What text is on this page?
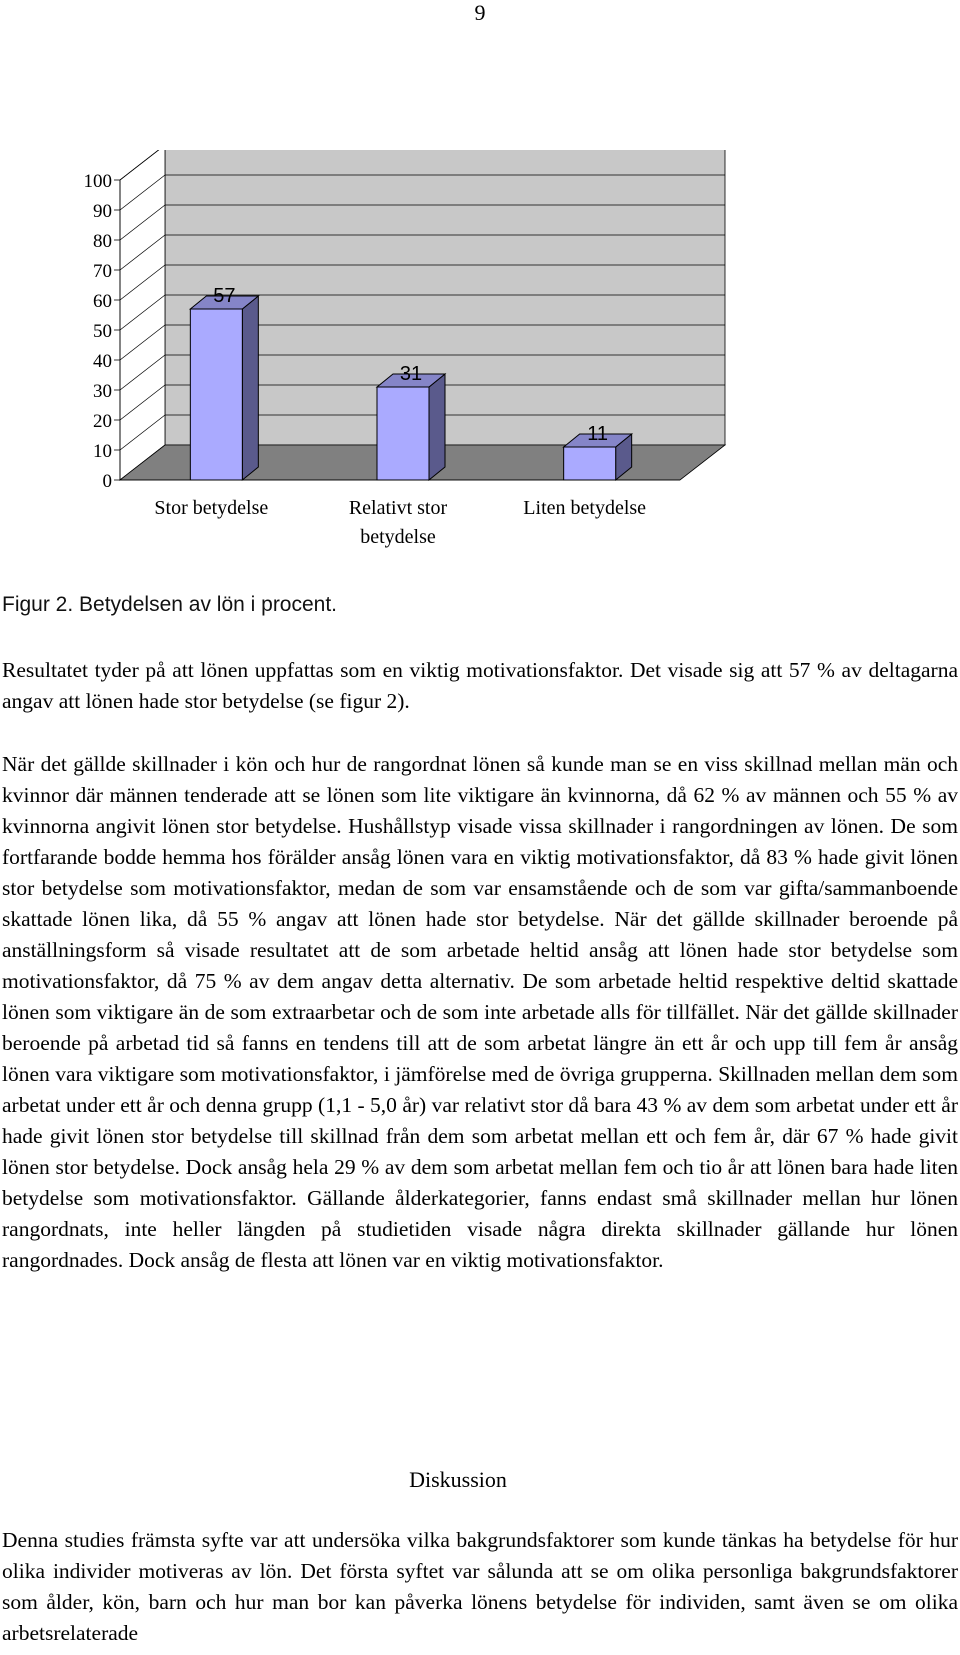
9
0
10
20
30
40
50
60
70
80
90
100
57
31
11
Stor betydelse	Relativt stor
betydelse
Liten betydelse
Figur 2. Betydelsen av lön i procent.

Resultatet tyder på att lönen uppfattas som en viktig motivationsfaktor. Det visade sig att 57 % av deltagarna angav att lönen hade stor betydelse (se figur 2).

När det gällde skillnader i kön och hur de rangordnat lönen så kunde man se en viss skillnad mellan män och kvinnor där männen tenderade att se lönen som lite viktigare än kvinnorna, då 62 % av männen och 55 % av kvinnorna angivit lönen stor betydelse. Hushållstyp visade vissa skillnader i rangordningen av lönen. De som fortfarande bodde hemma hos förälder ansåg lönen vara en viktig motivationsfaktor, då 83 % hade givit lönen stor betydelse som motivationsfaktor, medan de som var ensamstående och de som var gifta/sammanboende skattade lönen lika, då 55 % angav att lönen hade stor betydelse. När det gällde skillnader beroende på anställningsform så visade resultatet att de som arbetade heltid ansåg att lönen hade stor betydelse som motivationsfaktor, då 75 % av dem angav detta alternativ. De som arbetade heltid respektive deltid skattade lönen som viktigare än de som extraarbetar och de som inte arbetade alls för tillfället. När det gällde skillnader beroende på arbetad tid så fanns en tendens till att de som arbetat längre än ett år och upp till fem år ansåg lönen vara viktigare som motivationsfaktor, i jämförelse med de övriga grupperna. Skillnaden mellan dem som arbetat under ett år och denna grupp (1,1 - 5,0 år) var relativt stor då bara 43 % av dem som arbetat under ett år hade givit lönen stor betydelse till skillnad från dem som arbetat mellan ett och fem år, där 67 % hade givit lönen stor betydelse. Dock ansåg hela 29 % av dem som arbetat mellan fem och tio år att lönen bara hade liten betydelse som motivationsfaktor. Gällande ålderkategorier, fanns endast små skillnader mellan hur lönen rangordnats, inte heller längden på studietiden visade några direkta skillnader gällande hur lönen rangordnades. Dock ansåg de flesta att lönen var en viktig motivationsfaktor.

Diskussion

Denna studies främsta syfte var att undersöka vilka bakgrundsfaktorer som kunde tänkas ha betydelse för hur olika individer motiveras av lön. Det första syftet var sålunda att se om olika personliga bakgrundsfaktorer som ålder, kön, barn och hur man bor kan påverka lönens betydelse för individen, samt även se om olika arbetsrelaterade
